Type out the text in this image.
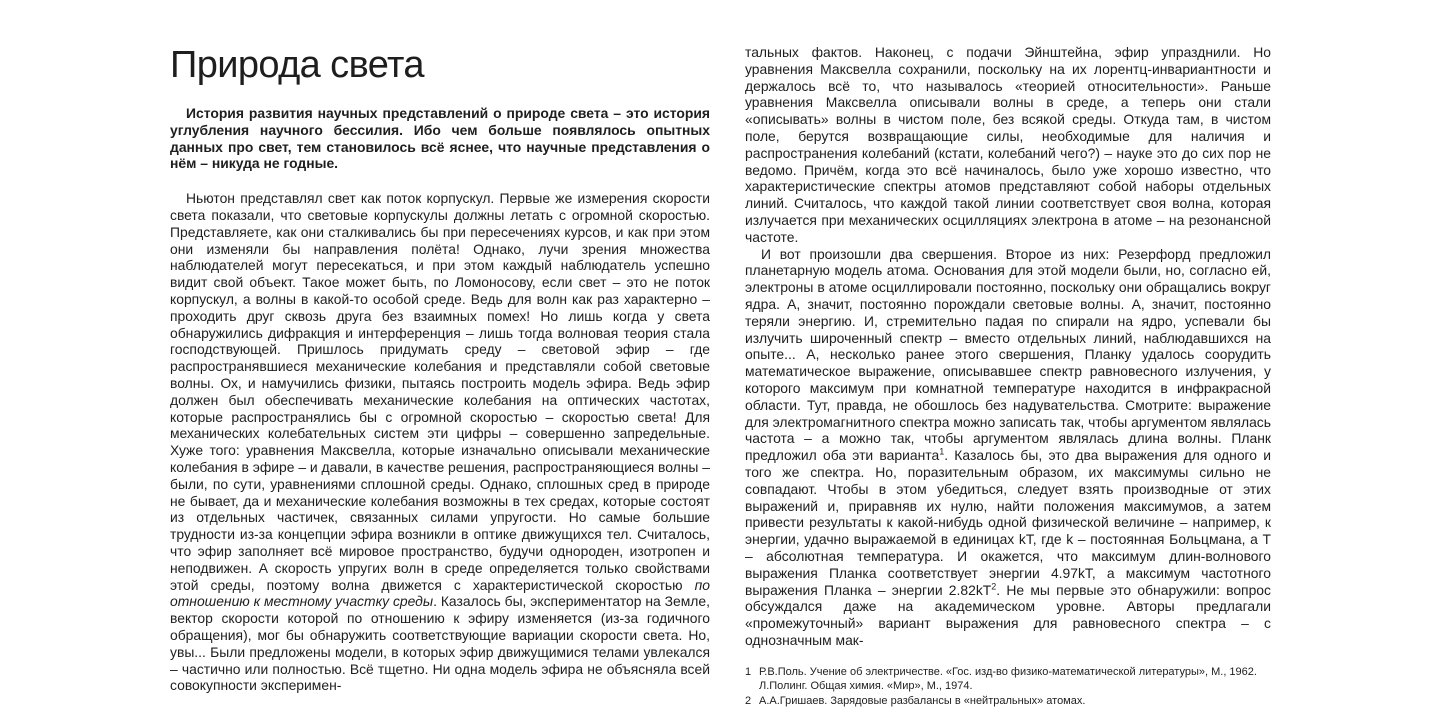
Природа света

История развития научных представлений о природе света – это история углубления научного бессилия. Ибо чем больше появлялось опытных данных про свет, тем становилось всё яснее, что научные представления о нём – никуда не годные.

Ньютон представлял свет как поток корпускул. Первые же измерения скорости света показали, что световые корпускулы должны летать с огромной скоростью. Представляете, как они сталкивались бы при пересечениях курсов, и как при этом они изменяли бы направления полёта! Однако, лучи зрения множества наблюдателей могут пересекаться, и при этом каждый наблюдатель успешно видит свой объект. Такое может быть, по Ломоносову, если свет – это не поток корпускул, а волны в какой-то особой среде. Ведь для волн как раз характерно – проходить друг сквозь друга без взаимных помех! Но лишь когда у света обнаружились дифракция и интерференция – лишь тогда волновая теория стала господствующей. Пришлось придумать среду – световой эфир – где распространявшиеся механические колебания и представляли собой световые волны. Ох, и намучились физики, пытаясь построить модель эфира. Ведь эфир должен был обеспечивать механические колебания на оптических частотах, которые распространялись бы с огромной скоростью – скоростью света! Для механических колебательных систем эти цифры – совершенно запредельные. Хуже того: уравнения Максвелла, которые изначально описывали механические колебания в эфире – и давали, в качестве решения, распространяющиеся волны – были, по сути, уравнениями сплошной среды. Однако, сплошных сред в природе не бывает, да и механические колебания возможны в тех средах, которые состоят из отдельных частичек, связанных силами упругости. Но самые большие трудности из-за концепции эфира возникли в оптике движущихся тел. Считалось, что эфир заполняет всё мировое пространство, будучи однороден, изотропен и неподвижен. А скорость упругих волн в среде определяется только свойствами этой среды, поэтому волна движется с характеристической скоростью по отношению к местному участку среды. Казалось бы, экспериментатор на Земле, вектор скорости которой по отношению к эфиру изменяется (из-за годичного обращения), мог бы обнаружить соответствующие вариации скорости света. Но, увы... Были предложены модели, в которых эфир движущимися телами увлекался – частично или полностью. Всё тщетно. Ни одна модель эфира не объясняла всей совокупности эксперимен-

тальных фактов. Наконец, с подачи Эйнштейна, эфир упразднили. Но уравнения Максвелла сохранили, поскольку на их лорентц-инвариантности и держалось всё то, что называлось «теорией относительности». Раньше уравнения Максвелла описывали волны в среде, а теперь они стали «описывать» волны в чистом поле, без всякой среды. Откуда там, в чистом поле, берутся возвращающие силы, необходимые для наличия и распространения колебаний (кстати, колебаний чего?) – науке это до сих пор не ведомо. Причём, когда это всё начиналось, было уже хорошо известно, что характеристические спектры атомов представляют собой наборы отдельных линий. Считалось, что каждой такой линии соответствует своя волна, которая излучается при механических осцилляциях электрона в атоме – на резонансной частоте.

И вот произошли два свершения. Второе из них: Резерфорд предложил планетарную модель атома. Основания для этой модели были, но, согласно ей, электроны в атоме осциллировали постоянно, поскольку они обращались вокруг ядра. А, значит, постоянно порождали световые волны. А, значит, постоянно теряли энергию. И, стремительно падая по спирали на ядро, успевали бы излучить широченный спектр – вместо отдельных линий, наблюдавшихся на опыте... А, несколько ранее этого свершения, Планку удалось соорудить математическое выражение, описывавшее спектр равновесного излучения, у которого максимум при комнатной температуре находится в инфракрасной области. Тут, правда, не обошлось без надувательства. Смотрите: выражение для электромагнитного спектра можно записать так, чтобы аргументом являлась частота – а можно так, чтобы аргументом являлась длина волны. Планк предложил оба эти варианта$^1$. Казалось бы, это два выражения для одного и того же спектра. Но, поразительным образом, их максимумы сильно не совпадают. Чтобы в этом убедиться, следует взять производные от этих выражений и, приравняв их нулю, найти положения максимумов, а затем привести результаты к какой-нибудь одной физической величине – например, к энергии, удачно выражаемой в единицах kT, где k – постоянная Больцмана, а Т – абсолютная температура. И окажется, что максимум длин-волнового выражения Планка соответствует энергии 4.97kT, а максимум частотного выражения Планка – энергии 2.82kT$^2$. Не мы первые это обнаружили: вопрос обсуждался даже на академическом уровне. Авторы предлагали «промежуточный» вариант выражения для равновесного спектра – с однозначным мак-

1 Р.В.Поль. Учение об электричестве. «Гос. изд-во физико-математической литературы», М., 1962.
Л.Полинг. Общая химия. «Мир», М., 1974.
2 А.А.Гришаев. Зарядовые разбалансы в «нейтральных» атомах.
